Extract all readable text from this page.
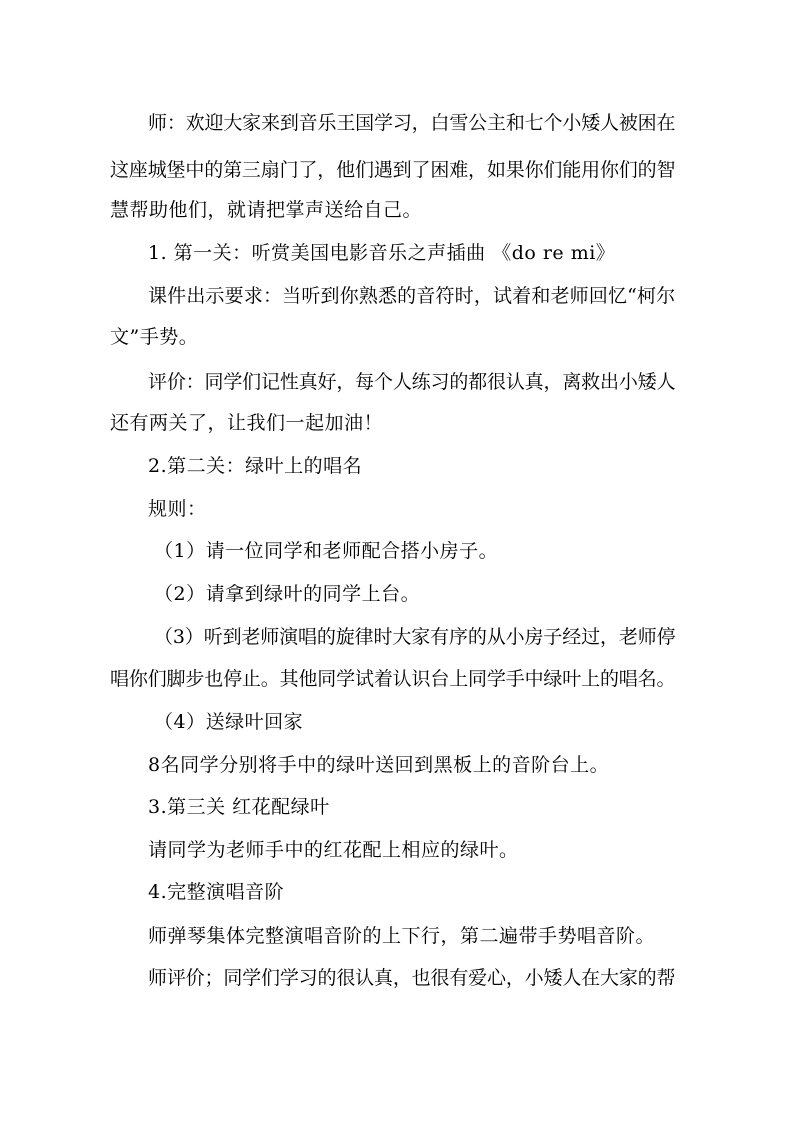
师：欢迎大家来到音乐王国学习，白雪公主和七个小矮人被困在
这座城堡中的第三扇门了，他们遇到了困难，如果你们能用你们的智
慧帮助他们，就请把掌声送给自己。
1. 第一关：听赏美国电影音乐之声插曲 《do re mi》
课件出示要求：当听到你熟悉的音符时，试着和老师回忆“柯尔
文”手势。
评价：同学们记性真好，每个人练习的都很认真，离救出小矮人
还有两关了，让我们一起加油！
2.第二关：绿叶上的唱名
规则：
（1）请一位同学和老师配合搭小房子。
（2）请拿到绿叶的同学上台。
（3）听到老师演唱的旋律时大家有序的从小房子经过，老师停
唱你们脚步也停止。其他同学试着认识台上同学手中绿叶上的唱名。
（4）送绿叶回家
8名同学分别将手中的绿叶送回到黑板上的音阶台上。
3.第三关 红花配绿叶
请同学为老师手中的红花配上相应的绿叶。
4.完整演唱音阶
师弹琴集体完整演唱音阶的上下行，第二遍带手势唱音阶。
师评价；同学们学习的很认真，也很有爱心，小矮人在大家的帮
